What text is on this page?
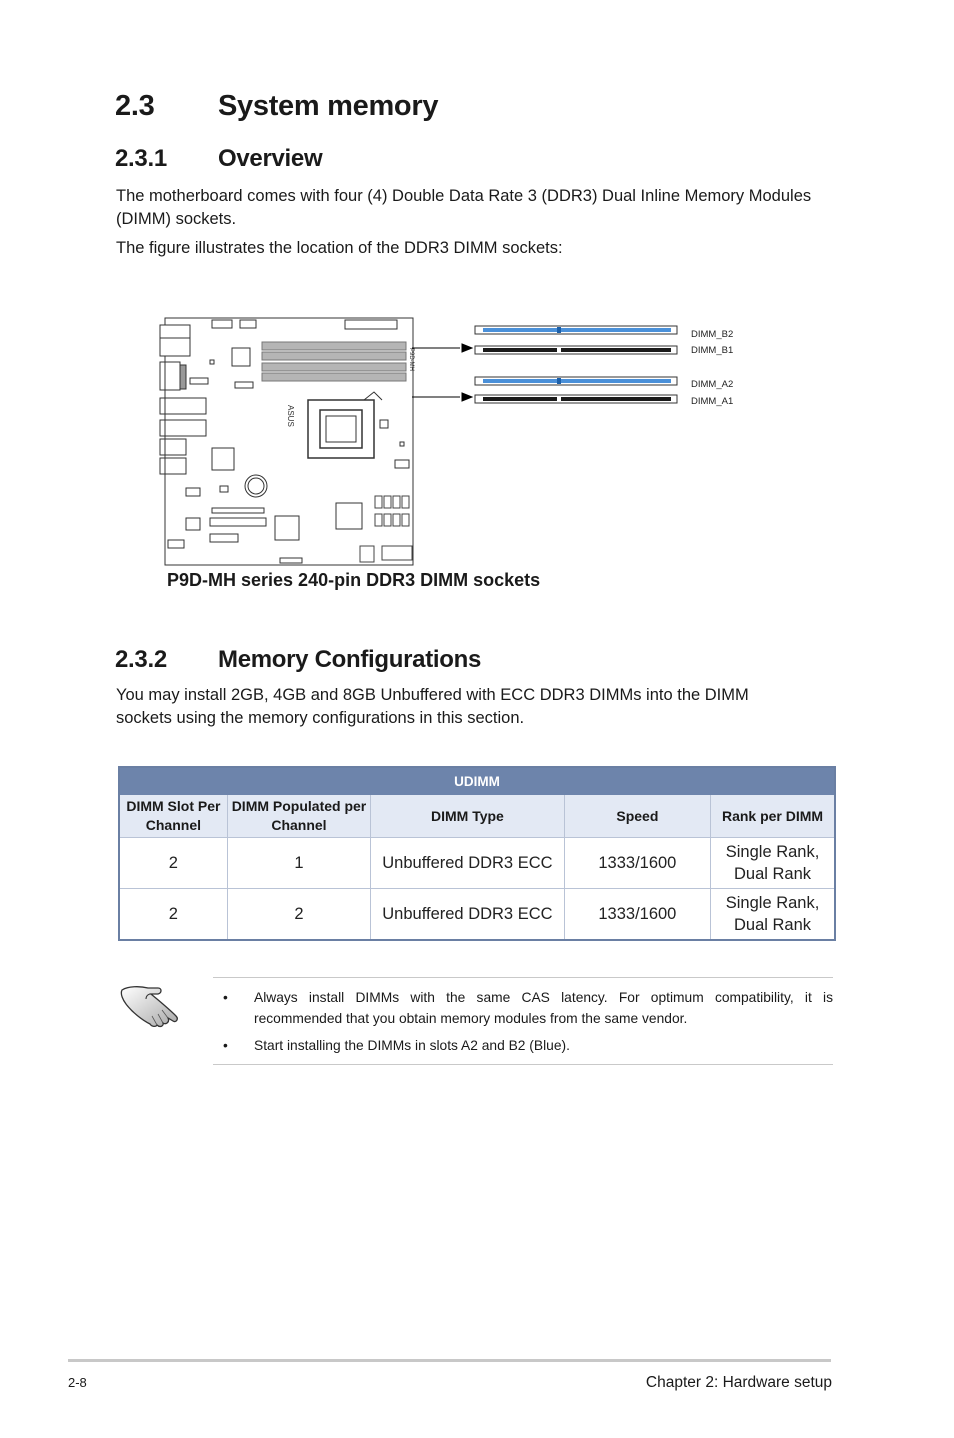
2.3 System memory
2.3.1 Overview
The motherboard comes with four (4) Double Data Rate 3 (DDR3) Dual Inline Memory Modules (DIMM) sockets.
The figure illustrates the location of the DDR3 DIMM sockets:
ASUS
P9D-MH
DIMM_B2
DIMM_B1
DIMM_A2
DIMM_A1
P9D-MH series 240-pin DDR3 DIMM sockets
2.3.2 Memory Configurations
You may install 2GB, 4GB and 8GB Unbuffered with ECC DDR3 DIMMs into the DIMM sockets using the memory configurations in this section.
UDIMM				
DIMM Slot Per Channel	DIMM Populated per Channel	DIMM Type	Speed	Rank per DIMM
2	1	Unbuffered DDR3 ECC	1333/1600	Single Rank, Dual Rank
2	2	Unbuffered DDR3 ECC	1333/1600	Single Rank, Dual Rank
• Always install DIMMs with the same CAS latency. For optimum compatibility, it is recommended that you obtain memory modules from the same vendor.
• Start installing the DIMMs in slots A2 and B2 (Blue).
2-8	Chapter 2: Hardware setup
